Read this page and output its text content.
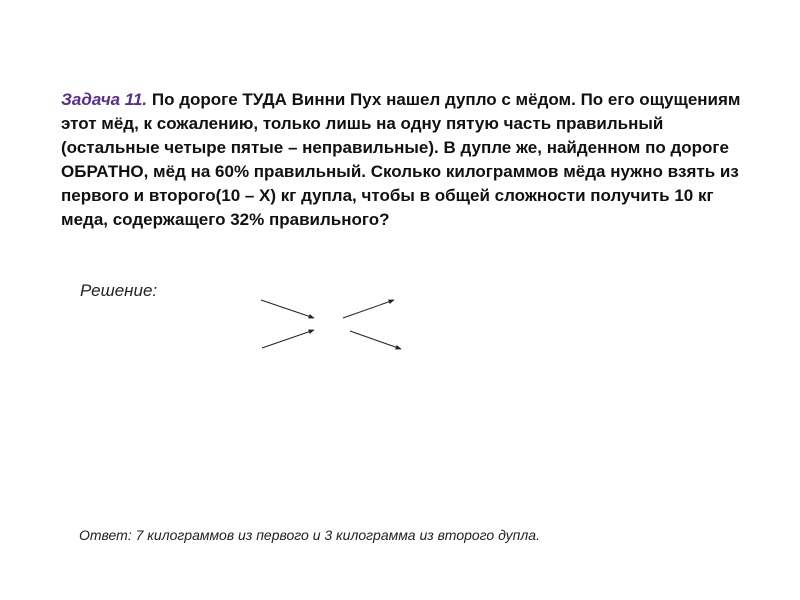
Задача 11. По дороге ТУДА Винни Пух нашел дупло с мёдом. По его ощущениям этот мёд, к сожалению, только лишь на одну пятую часть правильный (остальные четыре пятые – неправильные). В дупле же, найденном по дороге ОБРАТНО, мёд на 60% правильный. Сколько килограммов мёда нужно взять из первого и второго(10 – Х) кг дупла, чтобы в общей сложности получить 10 кг меда, содержащего 32% правильного?

Решение:
Ответ: 7 килограммов из первого и 3 килограмма из второго дупла.
